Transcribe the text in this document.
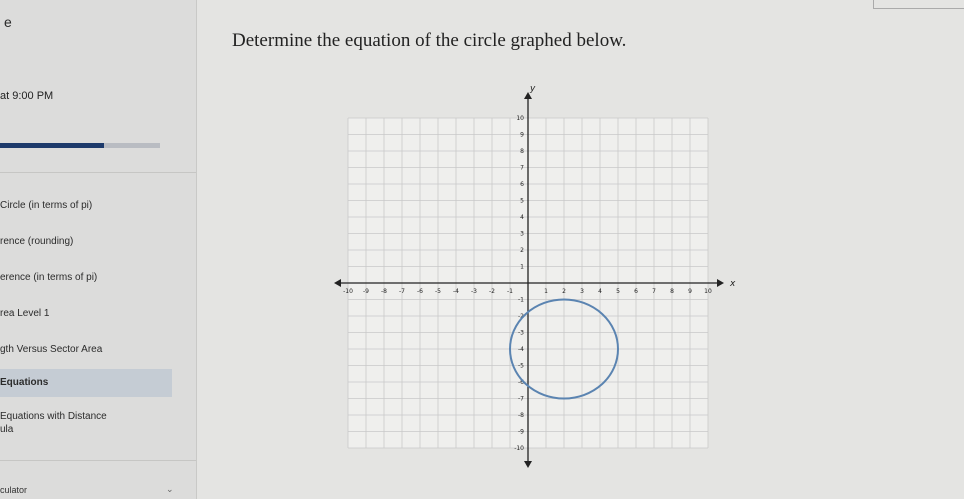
e
at 9:00 PM
Circle (in terms of pi)
rence (rounding)
erence (in terms of pi)
rea Level 1
gth Versus Sector Area
Equations
Equations with Distance
ula
culator	⌄
Determine the equation of the circle graphed below.
-10 -9 -8 -7 -6 -5 -4 -3 -2 -1	1 2 3 4 5 6 7 8 9 10
10
9
8
7
6
5
4
3
2
1
-1
-2
-3
-4
-5
-6
-7
-8
-9
-10
x
y
